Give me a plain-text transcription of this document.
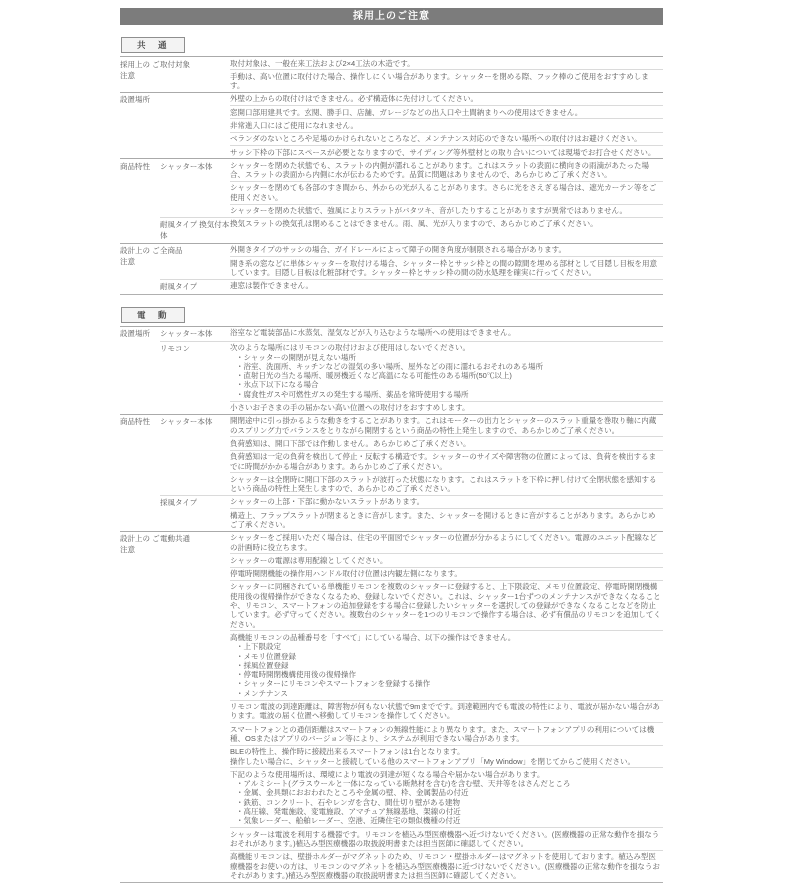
採用上のご注意
共　通
採用上の ご注意	取付対象	取付対象は、一般在来工法および2×4工法の木造です。

		手動は、高い位置に取付けた場合、操作しにくい場合があります。シャッターを閉める際、フック棒のご使用をおすすめします。

設置場所		外壁の上からの取付けはできません。必ず構造体に先付けしてください。

		窓開口部用建具です。玄関、勝手口、店舗、ガレージなどの出入口や土間納まりへの使用はできません。

		非常進入口にはご使用になれません。

		ベランダのないところや足場のかけられないところなど、メンテナンス対応のできない場所への取付けはお避けください。

		サッシ下枠の下部にスペースが必要となりますので、サイディング等外壁材との取り合いについては現場でお打合せください。

商品特性	シャッター本体	シャッターを閉めた状態でも、スラットの内側が濡れることがあります。これはスラットの表面に横向きの雨滴があたった場合、スラットの表面から内側に水が伝わるためです。品質に問題はありませんので、あらかじめご了承ください。

		シャッターを閉めても各部のすき間から、外からの光が入ることがあります。さらに光をさえぎる場合は、遮光カーテン等をご使用ください。

		シャッターを閉めた状態で、強風によりスラットがバタツキ、音がしたりすることがありますが異常ではありません。

	耐風タイプ 換気付本体	換気スラットの換気孔は閉めることはできません。雨、風、光が入りますので、あらかじめご了承ください。

設計上の ご注意	全商品	外開きタイプのサッシの場合、ガイドレールによって障子の開き角度が制限される場合があります。

		開き系の窓などに単体シャッターを取付ける場合、シャッター枠とサッシ枠との間の隙間を埋める部材として目隠し目板を用意しています。目隠し目板は化粧部材です。シャッター枠とサッシ枠の間の防水処理を確実に行ってください。

	耐風タイプ	連窓は製作できません。
電　動
設置場所	シャッター本体	浴室など電装部品に水蒸気、湿気などが入り込むような場所への使用はできません。

リモコン	次のような場所にはリモコンの取付けおよび使用はしないでください。
・シャッターの開閉が見えない場所
・浴室、洗面所、キッチンなどの湿気の多い場所、屋外などの雨に濡れるおそれのある場所
・直射日光の当たる場所、暖房機近くなど高温になる可能性のある場所(50℃以上)
・氷点下以下になる場合
・腐食性ガスや可燃性ガスの発生する場所、薬品を常時使用する場所

		小さいお子さまの手の届かない高い位置への取付けをおすすめします。

商品特性	シャッター本体	開閉途中に引っ掛かるような動きをすることがあります。これはモーターの出力とシャッターのスラット重量を巻取り軸に内蔵のスプリング力でバランスをとりながら開閉するという商品の特性上発生しますので、あらかじめご了承ください。

		負荷感知は、開口下部では作動しません。あらかじめご了承ください。

		負荷感知は一定の負荷を検出して停止・反転する構造です。シャッターのサイズや障害物の位置によっては、負荷を検出するまでに時間がかかる場合があります。あらかじめご了承ください。

		シャッターは全閉時に開口下部のスラットが波打った状態になります。これはスラットを下枠に押し付けて全閉状態を感知するという商品の特性上発生しますので、あらかじめご了承ください。

	採風タイプ	シャッターの上部・下部に動かないスラットがあります。

		構造上、フラップスラットが閉まるときに音がします。また、シャッターを開けるときに音がすることがあります。あらかじめご了承ください。

設計上の ご注意	電動共通	シャッターをご採用いただく場合は、住宅の平面図でシャッターの位置が分かるようにしてください。電源のユニット配線などの計画時に役立ちます。

		シャッターの電源は専用配線としてください。

		停電時開閉機能の操作用ハンドル取付け位置は内観左側になります。

		シャッターに同梱されている単機能リモコンを複数のシャッターに登録すると、上下限設定、メモリ位置設定、停電時開閉機構使用後の復帰操作ができなくなるため、登録しないでください。これは、シャッター1台ずつのメンテナンスができなくなることや、リモコン、スマートフォンの追加登録をする場合に登録したいシャッターを選択しての登録ができなくなることなどを防止しています。必ず守ってください。複数台のシャッターを1つのリモコンで操作する場合は、必ず有償品のリモコンを追加してください。

高機能リモコンの品種番号を「すべて」にしている場合、以下の操作はできません。
・上下限設定
・メモリ位置登録
・採風位置登録
・停電時開閉機構使用後の復帰操作
・シャッターにリモコンやスマートフォンを登録する操作
・メンテナンス

		リモコン電波の到達距離は、障害物が何もない状態で9mまでです。到達範囲内でも電波の特性により、電波が届かない場合があります。電波の届く位置へ移動してリモコンを操作してください。

		スマートフォンとの通信距離はスマートフォンの無線性能により異なります。また、スマートフォンアプリの利用については機種、OSまたはアプリのバージョン等により、システムが利用できない場合があります。

		BLEの特性上、操作時に接続出来るスマートフォンは1台となります。
操作したい場合に、シャッターと接続している他のスマートフォンアプリ「My Window」を閉じてからご使用ください。

下記のような使用場所は、環境により電波の到達が短くなる場合や届かない場合があります。
・アルミシート(グラスウールと一体になっている断熱材を含む)を含む壁、天井等をはさんだところ
・金属、金具類におおわれたところや金属の壁、枠、金属製品の付近
・鉄筋、コンクリート、石やレンガを含む、間仕切り壁がある建物
・高圧線、発電施設、変電施設、アマチュア無線基地、架線の付近
・気象レーダー、船舶レーダー、空港、近隣住宅の類似機種の付近

		シャッターは電波を利用する機器です。リモコンを植込み型医療機器へ近づけないでください。(医療機器の正常な動作を損なうおそれがあります。)植込み型医療機器の取扱説明書または担当医師に確認してください。

		高機能リモコンは、壁掛ホルダーがマグネットのため、リモコン・壁掛ホルダーはマグネットを使用しております。植込み型医療機器をお使いの方は、リモコンのマグネットを植込み型医療機器に近づけないでください。(医療機器の正常な動作を損なうおそれがあります。)植込み型医療機器の取扱説明書または担当医師に確認してください。
